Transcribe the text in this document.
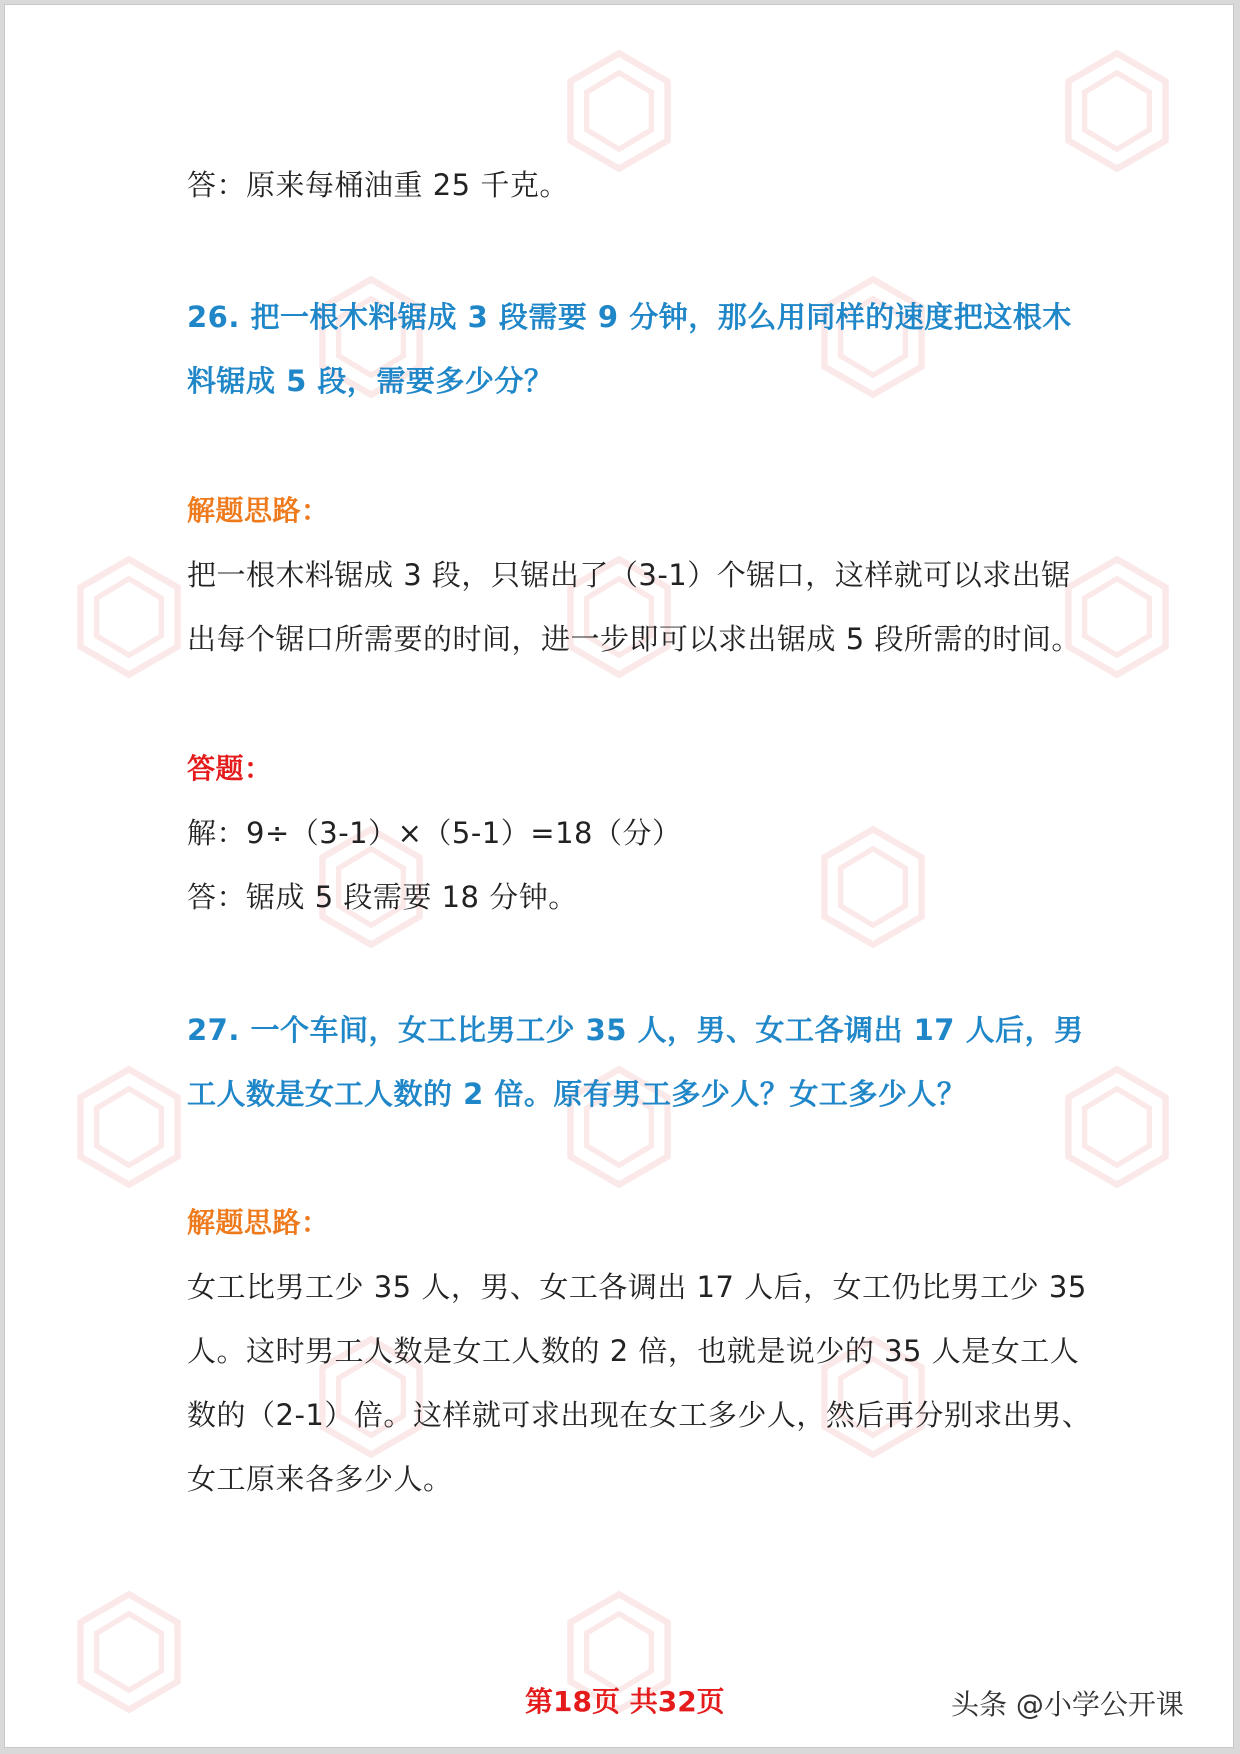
答：原来每桶油重 25 千克。

26. 把一根木料锯成 3 段需要 9 分钟，那么用同样的速度把这根木

料锯成 5 段，需要多少分？

解题思路：

把一根木料锯成 3 段，只锯出了（3-1）个锯口，这样就可以求出锯

出每个锯口所需要的时间，进一步即可以求出锯成 5 段所需的时间。

答题：

解：9÷（3-1）×（5-1）=18（分）

答：锯成 5 段需要 18 分钟。

27. 一个车间，女工比男工少 35 人，男、女工各调出 17 人后，男

工人数是女工人数的 2 倍。原有男工多少人？女工多少人？

解题思路：

女工比男工少 35 人，男、女工各调出 17 人后，女工仍比男工少 35

人。这时男工人数是女工人数的 2 倍，也就是说少的 35 人是女工人

数的（2-1）倍。这样就可求出现在女工多少人，然后再分别求出男、

女工原来各多少人。

第18页 共32页	头条 @小学公开课
